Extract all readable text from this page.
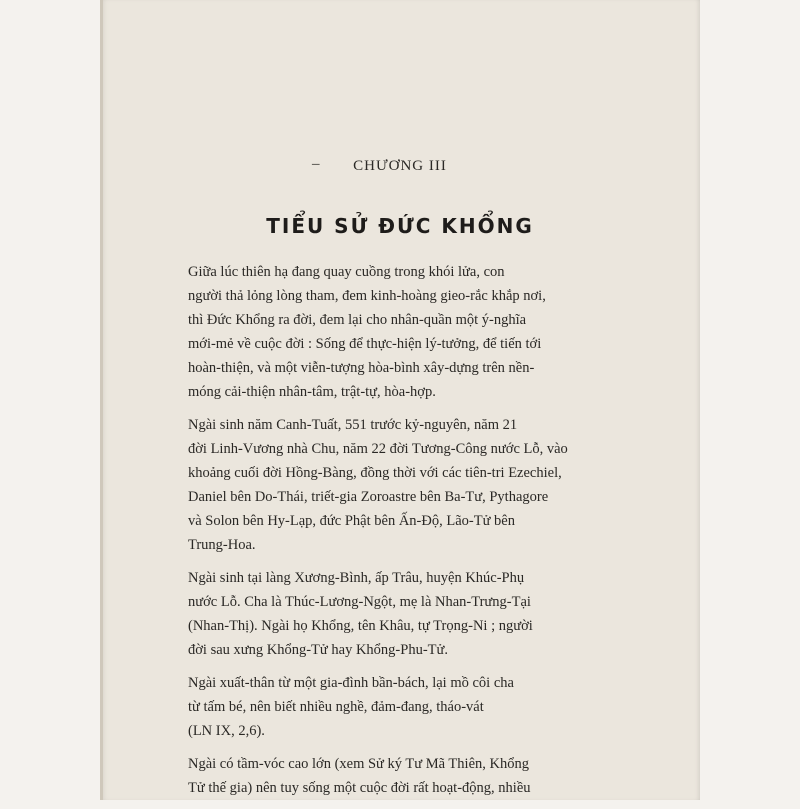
– CHƯƠNG III
TIỂU SỬ ĐỨC KHỔNG

Giữa lúc thiên hạ đang quay cuồng trong khói lửa, con
người thả lỏng lòng tham, đem kinh-hoàng gieo-rắc khắp nơi,
thì Đức Khổng ra đời, đem lại cho nhân-quần một ý-nghĩa
mới-mẻ về cuộc đời : Sống để thực-hiện lý-tưởng, để tiến tới
hoàn-thiện, và một viễn-tượng hòa-bình xây-dựng trên nền-
móng cải-thiện nhân-tâm, trật-tự, hòa-hợp.

Ngài sinh năm Canh-Tuất, 551 trước kỷ-nguyên, năm 21
đời Linh-Vương nhà Chu, năm 22 đời Tương-Công nước Lỗ, vào
khoảng cuối đời Hồng-Bàng, đồng thời với các tiên-tri Ezechiel,
Daniel bên Do-Thái, triết-gia Zoroastre bên Ba-Tư, Pythagore
và Solon bên Hy-Lạp, đức Phật bên Ấn-Độ, Lão-Tử bên
Trung-Hoa.

Ngài sinh tại làng Xương-Bình, ấp Trâu, huyện Khúc-Phụ
nước Lỗ. Cha là Thúc-Lương-Ngột, mẹ là Nhan-Trưng-Tại
(Nhan-Thị). Ngài họ Khổng, tên Khâu, tự Trọng-Ni ; người
đời sau xưng Khổng-Tử hay Khổng-Phu-Tử.

Ngài xuất-thân từ một gia-đình bần-bách, lại mồ côi cha
từ tấm bé, nên biết nhiều nghề, đảm-đang, tháo-vát
(LN IX, 2,6).

Ngài có tầm-vóc cao lớn (xem Sử ký Tư Mã Thiên, Khổng
Tử thế gia) nên tuy sống một cuộc đời rất hoạt-động, nhiều
